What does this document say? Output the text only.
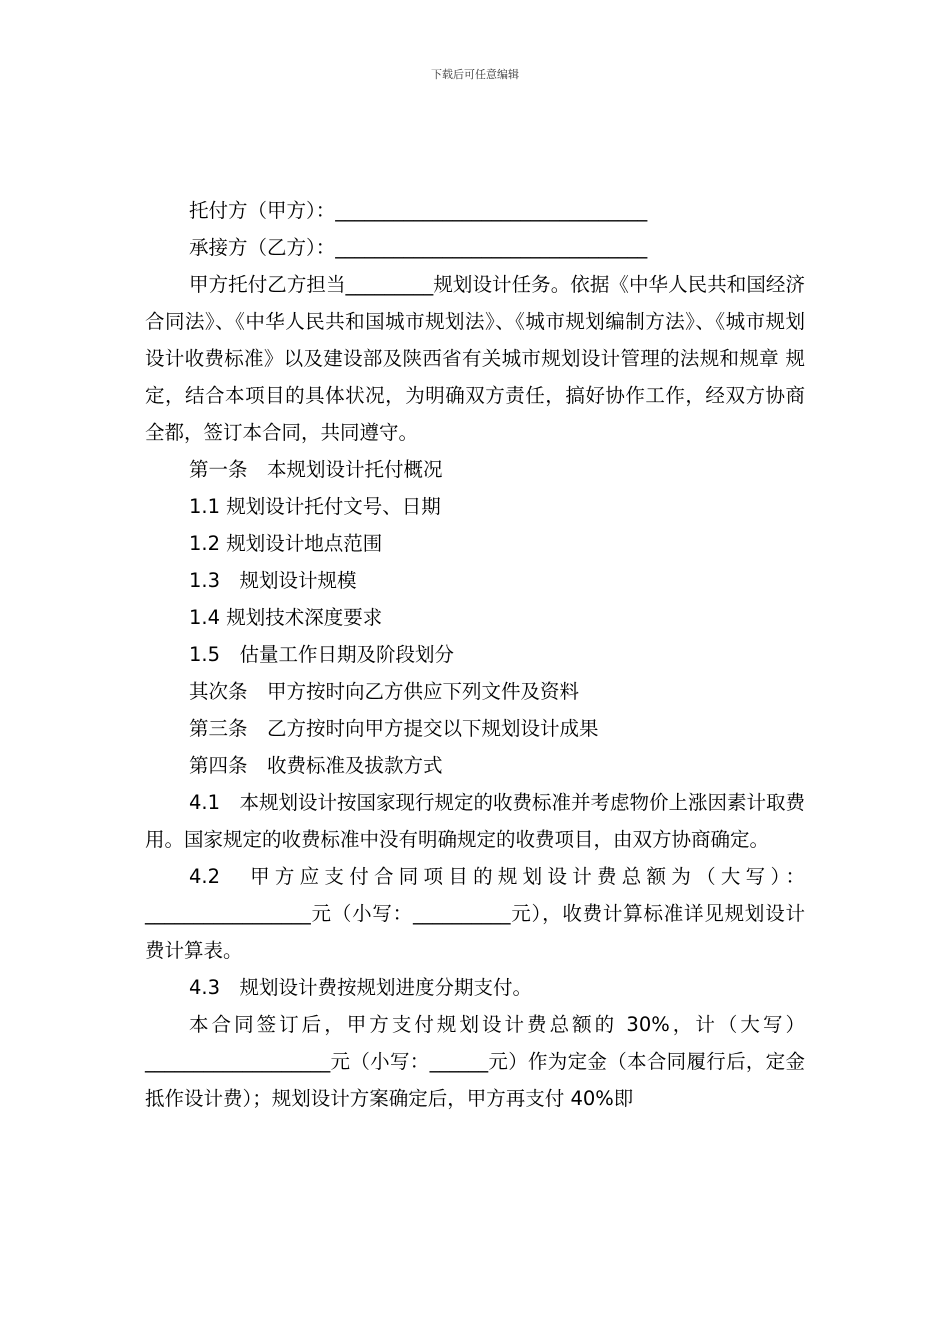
下载后可任意编辑

托付方（甲方）：________________________________

承接方（乙方）：________________________________

甲方托付乙方担当_________规划设计任务。依据《中华人民共和国经济合同法》、《中华人民共和国城市规划法》、《城市规划编制方法》、《城市规划设计收费标准》以及建设部及陕西省有关城市规划设计管理的法规和规章 规定，结合本项目的具体状况，为明确双方责任，搞好协作工作，经双方协商全都，签订本合同，共同遵守。

第一条　本规划设计托付概况

1.1 规划设计托付文号、日期

1.2 规划设计地点范围

1.3　规划设计规模

1.4 规划技术深度要求

1.5　估量工作日期及阶段划分

其次条　甲方按时向乙方供应下列文件及资料

第三条　乙方按时向甲方提交以下规划设计成果

第四条　收费标准及拔款方式

4.1　本规划设计按国家现行规定的收费标准并考虑物价上涨因素计取费用。国家规定的收费标准中没有明确规定的收费项目，由双方协商确定。

4.2　甲方应支付合同项目的规划设计费总额为（大写）：_________________元（小写：__________元），收费计算标准详见规划设计费计算表。

4.3　规划设计费按规划进度分期支付。

本合同签订后，甲方支付规划设计费总额的 30%，计（大写）___________________元（小写：______元）作为定金（本合同履行后，定金抵作设计费）；规划设计方案确定后，甲方再支付 40%即
